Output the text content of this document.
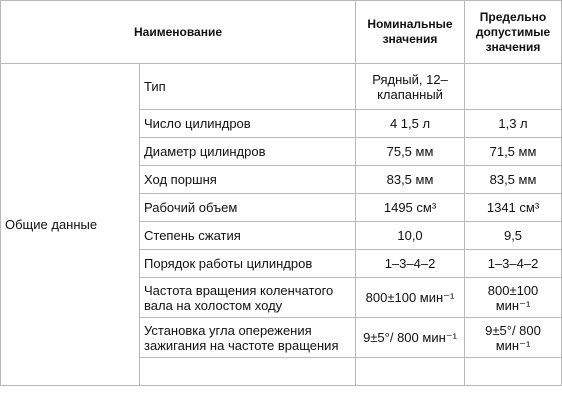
Наименование		Номинальные значения	Предельно допустимые значения
Общие данные	Тип	Рядный, 12–клапанный	
	Число цилиндров	4 1,5 л	1,3 л
	Диаметр цилиндров	75,5 мм	71,5 мм
	Ход поршня	83,5 мм	83,5 мм
	Рабочий объем	1495 см³	1341 см³
	Степень сжатия	10,0	9,5
	Порядок работы цилиндров	1–3–4–2	1–3–4–2
	Частота вращения коленчатого вала на холостом ходу	800±100 мин⁻¹	800±100 мин⁻¹
	Установка угла опережения зажигания на частоте вращения	9±5°/ 800 мин⁻¹	9±5°/ 800 мин⁻¹
